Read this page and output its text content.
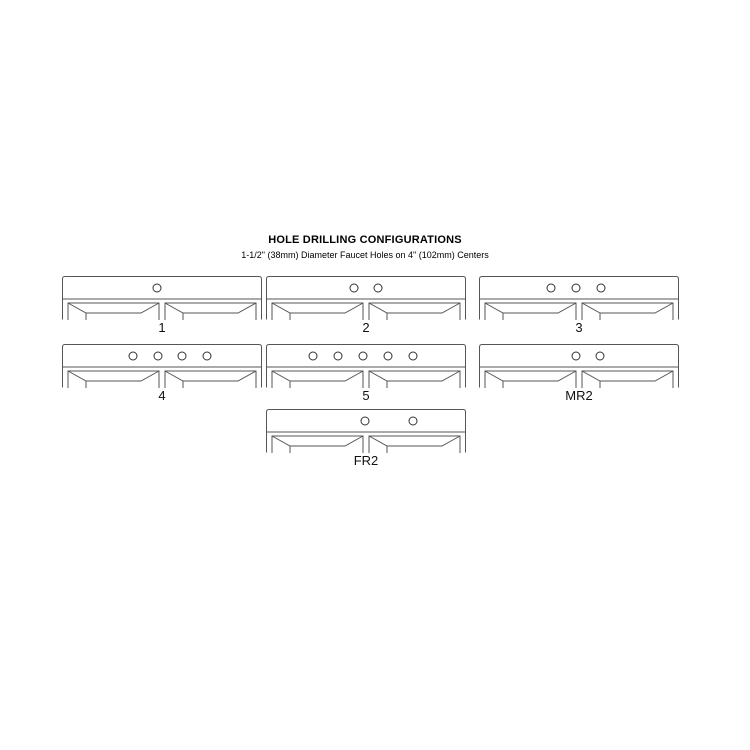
HOLE DRILLING CONFIGURATIONS
1-1/2" (38mm) Diameter Faucet Holes on 4" (102mm) Centers
1	2	3
4	5	MR2
FR2
